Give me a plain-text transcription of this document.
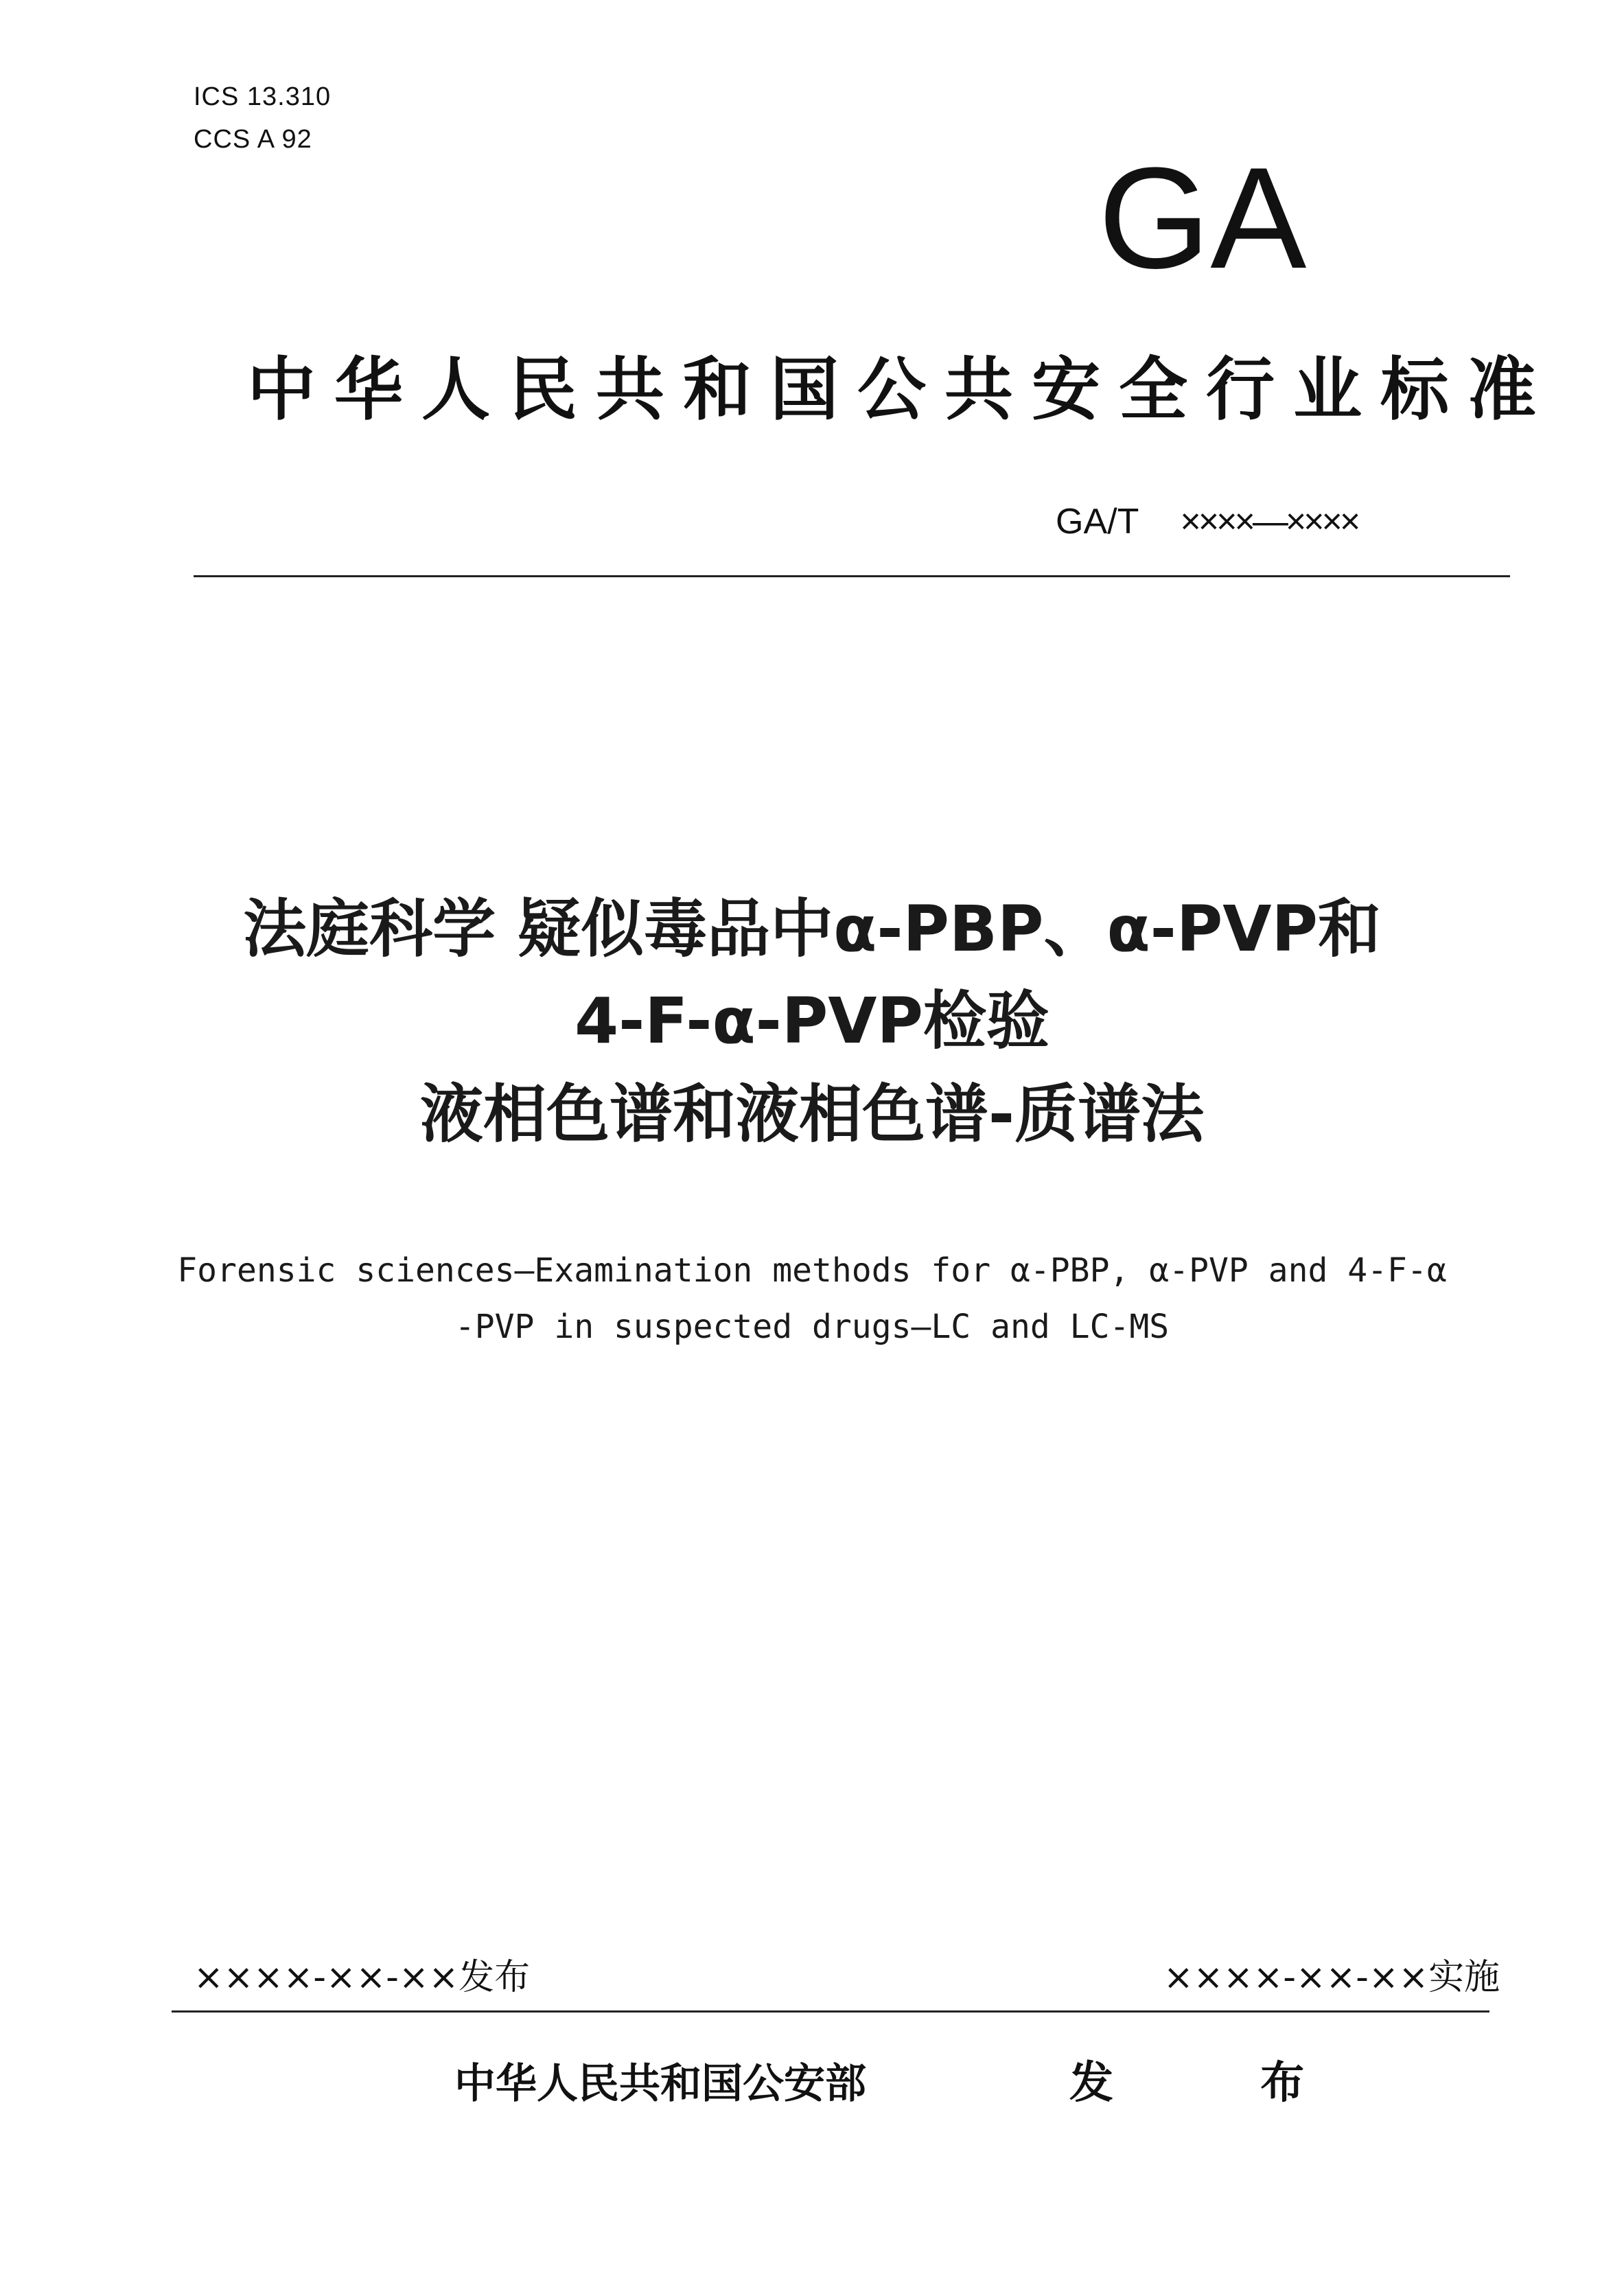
ICS 13.310
CCS A 92	GA
中华人民共和国公共安全行业标准
GA/T ××××—××××
法庭科学 疑似毒品中α-PBP、α-PVP和
4-F-α-PVP检验
液相色谱和液相色谱-质谱法
Forensic sciences—Examination methods for α-PBP, α-PVP and 4-F-α
-PVP in suspected drugs—LC and LC-MS
××××-××-××发布	××××-××-××实施
中华人民共和国公安部	发 布
